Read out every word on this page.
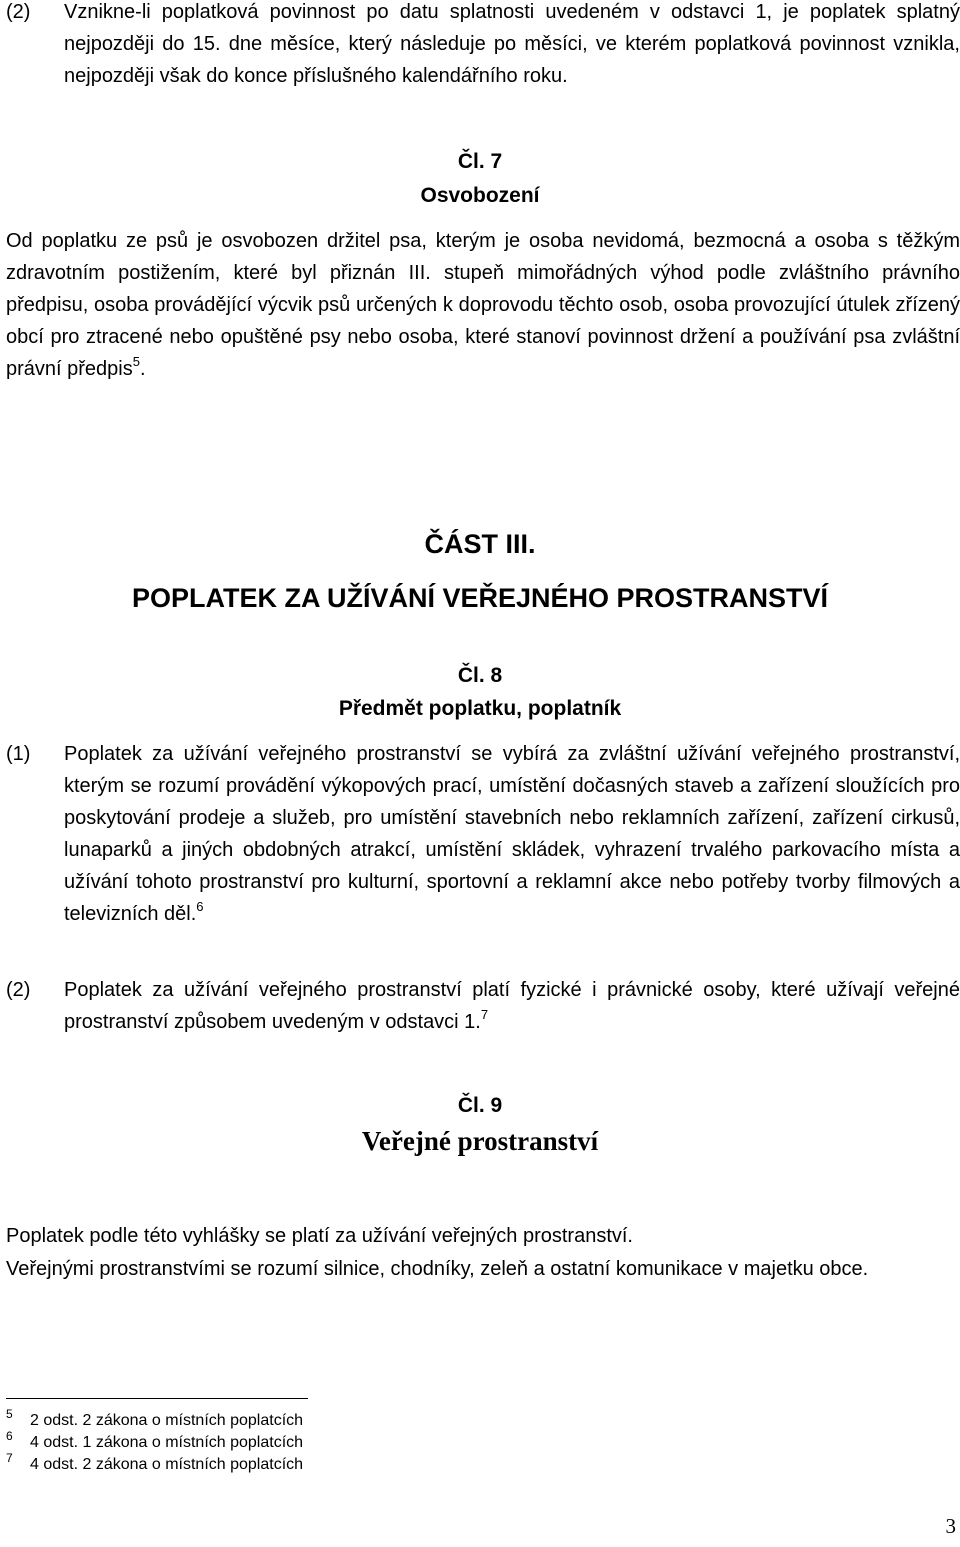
(2) Vznikne-li poplatková povinnost po datu splatnosti uvedeném v odstavci 1, je poplatek splatný nejpozději do 15. dne měsíce, který následuje po měsíci, ve kterém poplatková povinnost vznikla, nejpozději však do konce příslušného kalendářního roku.
Čl. 7
Osvobození
Od poplatku ze psů je osvobozen držitel psa, kterým je osoba nevidomá, bezmocná a osoba s těžkým zdravotním postižením, které byl přiznán III. stupeň mimořádných výhod podle zvláštního právního předpisu, osoba provádějící výcvik psů určených k doprovodu těchto osob, osoba provozující útulek zřízený obcí pro ztracené nebo opuštěné psy nebo osoba, které stanoví povinnost držení a používání psa zvláštní právní předpis$^5$.
ČÁST III.
POPLATEK ZA UŽÍVÁNÍ VEŘEJNÉHO PROSTRANSTVÍ
Čl. 8
Předmět poplatku, poplatník
(1) Poplatek za užívání veřejného prostranství se vybírá za zvláštní užívání veřejného prostranství, kterým se rozumí provádění výkopových prací, umístění dočasných staveb a zařízení sloužících pro poskytování prodeje a služeb, pro umístění stavebních nebo reklamních zařízení, zařízení cirkusů, lunaparků a jiných obdobných atrakcí, umístění skládek, vyhrazení trvalého parkovacího místa a užívání tohoto prostranství pro kulturní, sportovní a reklamní akce nebo potřeby tvorby filmových a televizních děl.$^6$
(2) Poplatek za užívání veřejného prostranství platí fyzické i právnické osoby, které užívají veřejné prostranství způsobem uvedeným v odstavci 1.$^7$
Čl. 9
Veřejné prostranství
Poplatek podle této vyhlášky se platí za užívání veřejných prostranství.
Veřejnými prostranstvími se rozumí silnice, chodníky, zeleň a ostatní komunikace v majetku obce.
5 2 odst. 2 zákona o místních poplatcích
6 4 odst. 1 zákona o místních poplatcích
7 4 odst. 2 zákona o místních poplatcích
3
